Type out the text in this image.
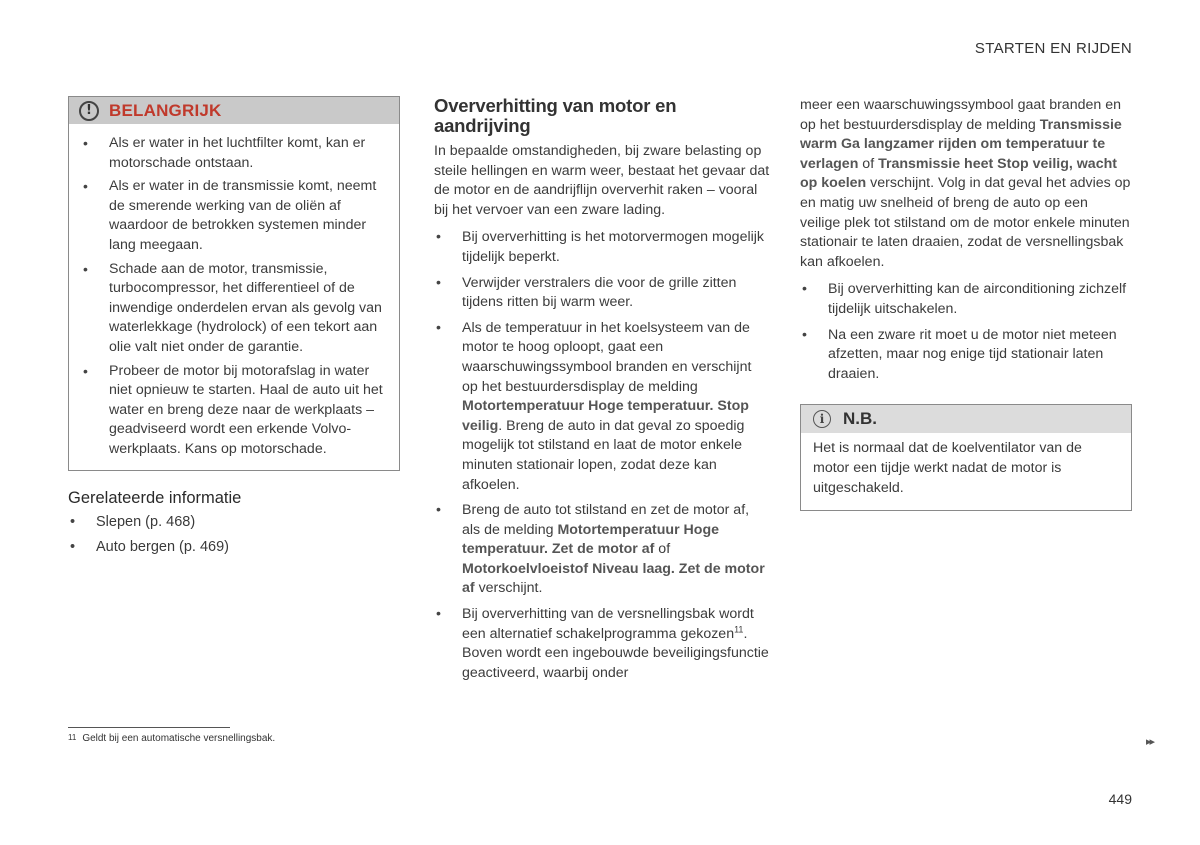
STARTEN EN RIJDEN
!	BELANGRIJK
• Als er water in het luchtfilter komt, kan er motorschade ontstaan.
• Als er water in de transmissie komt, neemt de smerende werking van de oliën af waardoor de betrokken systemen minder lang meegaan.
• Schade aan de motor, transmissie, turbocompressor, het differentieel of de inwendige onderdelen ervan als gevolg van waterlekkage (hydrolock) of een tekort aan olie valt niet onder de garantie.
• Probeer de motor bij motorafslag in water niet opnieuw te starten. Haal de auto uit het water en breng deze naar de werkplaats – geadviseerd wordt een erkende Volvo-werkplaats. Kans op motorschade.
Gerelateerde informatie
• Slepen (p. 468)
• Auto bergen (p. 469)
Oververhitting van motor en aandrijving

In bepaalde omstandigheden, bij zware belasting op steile hellingen en warm weer, bestaat het gevaar dat de motor en de aandrijflijn oververhit raken – vooral bij het vervoer van een zware lading.

• Bij oververhitting is het motorvermogen mogelijk tijdelijk beperkt.
• Verwijder verstralers die voor de grille zitten tijdens ritten bij warm weer.
• Als de temperatuur in het koelsysteem van de motor te hoog oploopt, gaat een waarschuwingssymbool branden en verschijnt op het bestuurdersdisplay de melding Motortemperatuur Hoge temperatuur. Stop veilig. Breng de auto in dat geval zo spoedig mogelijk tot stilstand en laat de motor enkele minuten stationair lopen, zodat deze kan afkoelen.
• Breng de auto tot stilstand en zet de motor af, als de melding Motortemperatuur Hoge temperatuur. Zet de motor af of Motorkoelvloeistof Niveau laag. Zet de motor af verschijnt.
• Bij oververhitting van de versnellingsbak wordt een alternatief schakelprogramma gekozen$^{11}$. Boven wordt een ingebouwde beveiligingsfunctie geactiveerd, waarbij onder

meer een waarschuwingssymbool gaat branden en op het bestuurdersdisplay de melding Transmissie warm Ga langzamer rijden om temperatuur te verlagen of Transmissie heet Stop veilig, wacht op koelen verschijnt. Volg in dat geval het advies op en matig uw snelheid of breng de auto op een veilige plek tot stilstand om de motor enkele minuten stationair te laten draaien, zodat de versnellingsbak kan afkoelen.

• Bij oververhitting kan de airconditioning zichzelf tijdelijk uitschakelen.
• Na een zware rit moet u de motor niet meteen afzetten, maar nog enige tijd stationair laten draaien.
i	N.B.
Het is normaal dat de koelventilator van de motor een tijdje werkt nadat de motor is uitgeschakeld.
11 Geldt bij een automatische versnellingsbak.	▸▸
449
